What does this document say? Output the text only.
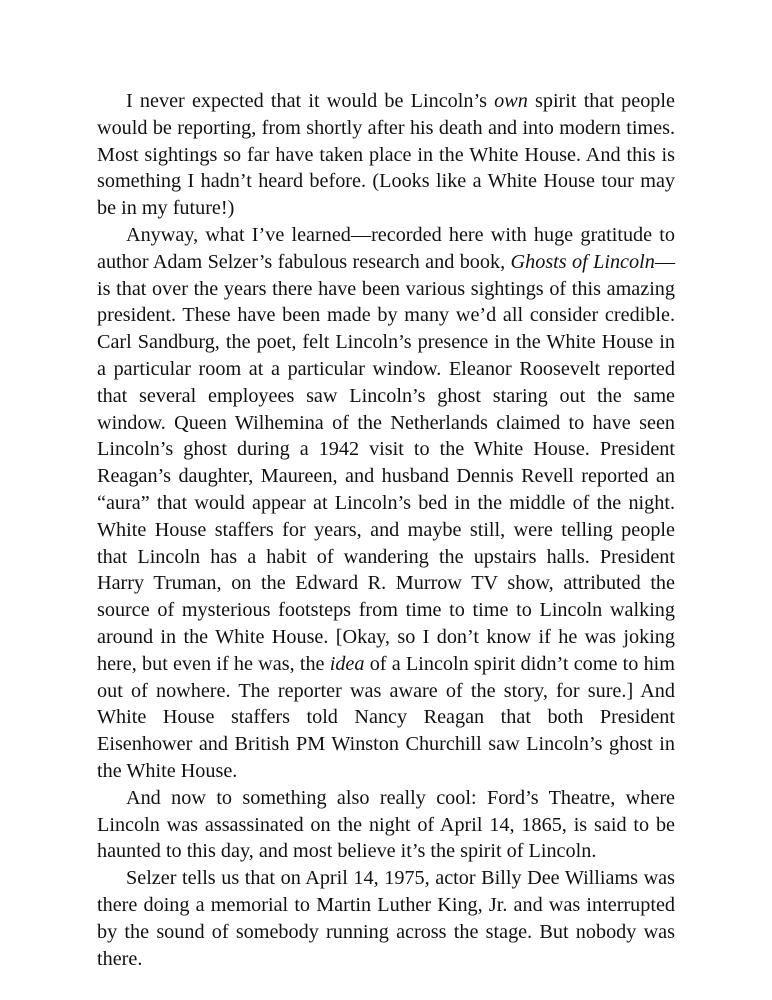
I never expected that it would be Lincoln’s own spirit that people would be reporting, from shortly after his death and into modern times. Most sightings so far have taken place in the White House. And this is something I hadn’t heard before. (Looks like a White House tour may be in my future!)

Anyway, what I’ve learned—recorded here with huge gratitude to author Adam Selzer’s fabulous research and book, Ghosts of Lincoln—is that over the years there have been various sightings of this amazing president. These have been made by many we’d all consider credible. Carl Sandburg, the poet, felt Lincoln’s presence in the White House in a particular room at a particular window. Eleanor Roosevelt reported that several employees saw Lincoln’s ghost staring out the same window. Queen Wilhemina of the Netherlands claimed to have seen Lincoln’s ghost during a 1942 visit to the White House. President Reagan’s daughter, Maureen, and husband Dennis Revell reported an “aura” that would appear at Lincoln’s bed in the middle of the night. White House staffers for years, and maybe still, were telling people that Lincoln has a habit of wandering the upstairs halls. President Harry Truman, on the Edward R. Murrow TV show, attributed the source of mysterious footsteps from time to time to Lincoln walking around in the White House. [Okay, so I don’t know if he was joking here, but even if he was, the idea of a Lincoln spirit didn’t come to him out of nowhere. The reporter was aware of the story, for sure.] And White House staffers told Nancy Reagan that both President Eisenhower and British PM Winston Churchill saw Lincoln’s ghost in the White House.

And now to something also really cool: Ford’s Theatre, where Lincoln was assassinated on the night of April 14, 1865, is said to be haunted to this day, and most believe it’s the spirit of Lincoln.

Selzer tells us that on April 14, 1975, actor Billy Dee Williams was there doing a memorial to Martin Luther King, Jr. and was interrupted by the sound of somebody running across the stage. But nobody was there.
